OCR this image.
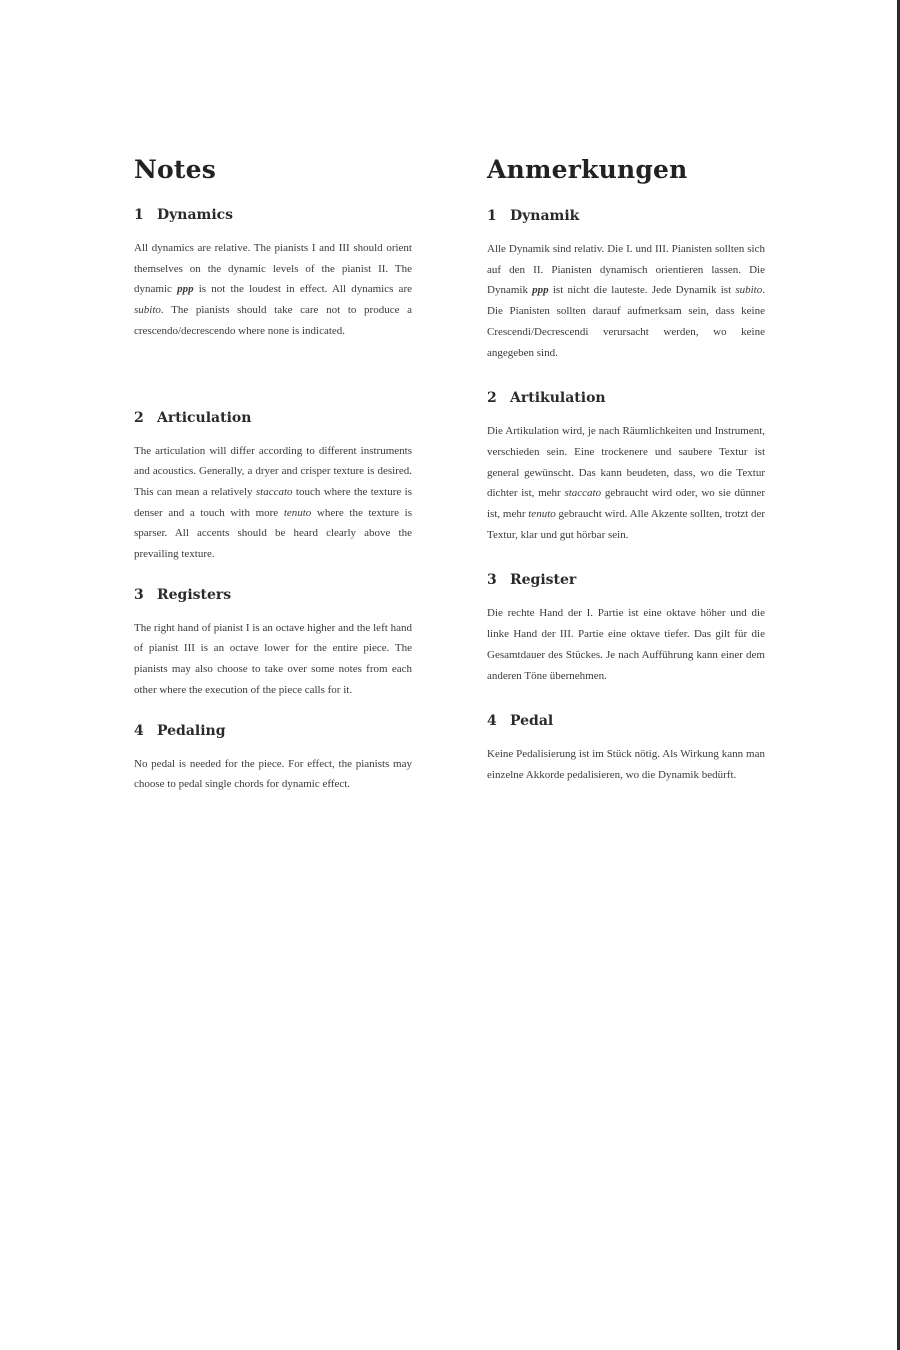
Notes
1 Dynamics

All dynamics are relative. The pianists I and III should orient themselves on the dynamic levels of the pianist II. The dynamic ppp is not the loudest in effect. All dynamics are subito. The pianists should take care not to produce a crescendo/decrescendo where none is indicated.

2 Articulation

The articulation will differ according to different instruments and acoustics. Generally, a dryer and crisper texture is desired. This can mean a relatively staccato touch where the texture is denser and a touch with more tenuto where the texture is sparser. All accents should be heard clearly above the prevailing texture.

3 Registers

The right hand of pianist I is an octave higher and the left hand of pianist III is an octave lower for the entire piece. The pianists may also choose to take over some notes from each other where the execution of the piece calls for it.

4 Pedaling

No pedal is needed for the piece. For effect, the pianists may choose to pedal single chords for dynamic effect.

Anmerkungen
1 Dynamik

Alle Dynamik sind relativ. Die I. und III. Pianisten sollten sich auf den II. Pianisten dynamisch orientieren lassen. Die Dynamik ppp ist nicht die lauteste. Jede Dynamik ist subito. Die Pianisten sollten darauf aufmerksam sein, dass keine Crescendi/Decrescendi verursacht werden, wo keine angegeben sind.

2 Artikulation

Die Artikulation wird, je nach Räumlichkeiten und Instrument, verschieden sein. Eine trockenere und saubere Textur ist general gewünscht. Das kann beudeten, dass, wo die Textur dichter ist, mehr staccato gebraucht wird oder, wo sie dünner ist, mehr tenuto gebraucht wird. Alle Akzente sollten, trotzt der Textur, klar und gut hörbar sein.

3 Register

Die rechte Hand der I. Partie ist eine oktave höher und die linke Hand der III. Partie eine oktave tiefer. Das gilt für die Gesamtdauer des Stückes. Je nach Aufführung kann einer dem anderen Töne übernehmen.

4 Pedal

Keine Pedalisierung ist im Stück nötig. Als Wirkung kann man einzelne Akkorde pedalisieren, wo die Dynamik bedürft.
